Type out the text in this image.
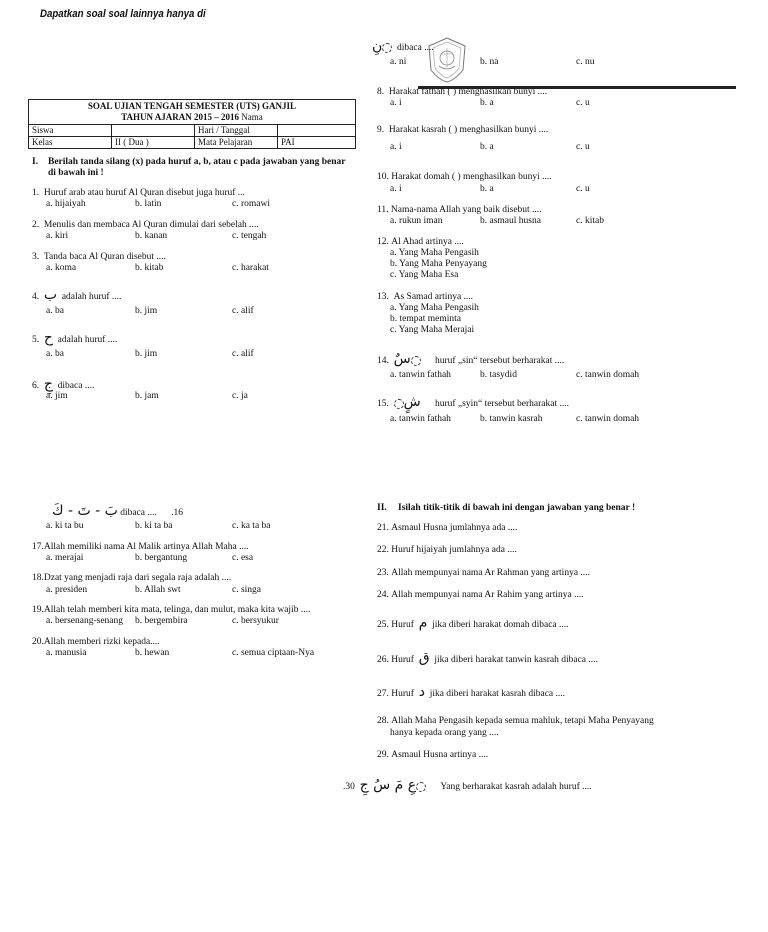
Dapatkan soal soal lainnya hanya di
SOAL UJIAN TENGAH SEMESTER (UTS) GANJIL
TAHUN AJARAN 2015 – 2016 Nama			
Siswa		Hari / Tanggal	
Kelas	II ( Dua )	Mata Pelajaran	PAI
I. Berilah tanda silang (x) pada huruf a, b, atau c pada jawaban yang benar
di bawah ini !
1. Huruf arab atau huruf Al Quran disebut juga huruf ...
a. hijaiyah	b. latin	c. romawi
2. Menulis dan membaca Al Quran dimulai dari sebelah ....
a. kiri	b. kanan	c. tengah
3. Tanda baca Al Quran disebut ....
a. koma	b. kitab	c. harakat
4. ب adalah huruf ....
a. ba	b. jim	c. alif
5. ح adalah huruf ....
a. ba	b. jim	c. alif
6. جِ dibaca ....
a. jim	b. jam	c. ja
نِ dibaca ....
a. ni	b. na	c. nu
8. Harakat fathah ( ) menghasilkan bunyi ....
a. i	b. a	c. u
9. Harakat kasrah ( ) menghasilkan bunyi ....
a. i	b. a	c. u
10. Harakat domah ( ) menghasilkan bunyi ....
a. i	b. a	c. u
11. Nama-nama Allah yang baik disebut ....
a. rukun iman	b. asmaul husna	c. kitab
12. Al Ahad artinya ....
a. Yang Maha Pengasih
b. Yang Maha Penyayang
c. Yang Maha Esa
13. As Samad artinya ....
a. Yang Maha Pengasih
b. tempat meminta
c. Yang Maha Merajai
14. سٌ	huruf „sin“ tersebut berharakat ....
a. tanwin fathah	b. tasydid	c. tanwin domah
15. شٍ huruf „syin“ tersebut berharakat ....
a. tanwin fathah	b. tanwin kasrah	c. tanwin domah
بَ - تَ - كَ dibaca .... .16
a. ki ta bu	b. ki ta ba	c. ka ta ba
17.Allah memiliki nama Al Malik artinya Allah Maha ....
a. merajai	b. bergantung	c. esa
18.Dzat yang menjadi raja dari segala raja adalah ....
a. presiden	b. Allah swt	c. singa
19.Allah telah memberi kita mata, telinga, dan mulut, maka kita wajib ....
a. bersenang-senang b. bergembira	c. bersyukur
20.Allah memberi rizki kepada....
a. manusia	b. hewan	c. semua ciptaan-Nya
II. Isilah titik-titik di bawah ini dengan jawaban yang benar !
21. Asmaul Husna jumlahnya ada ....
22. Huruf hijaiyah jumlahnya ada ....
23. Allah mempunyai nama Ar Rahman yang artinya ....
24. Allah mempunyai nama Ar Rahim yang artinya ....
25. Huruf م jika diberi harakat domah dibaca ....
26. Huruf ق jika diberi harakat tanwin kasrah dibaca ....
27. Huruf د jika diberi harakat kasrah dibaca ....
28. Allah Maha Pengasih kepada semua mahluk, tetapi Maha Penyayang
hanya kepada orang yang ....
29. Asmaul Husna artinya ....
.30 عِ مَ سُ جِ	Yang berharakat kasrah adalah huruf ....
